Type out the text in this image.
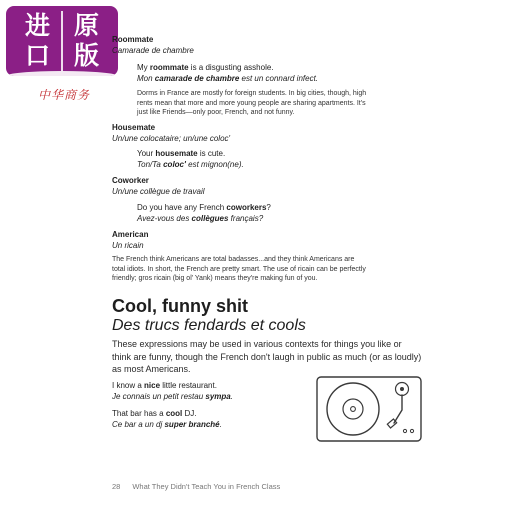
进 原
口 版
中华商务
Roommate
Camarade de chambre
My roommate is a disgusting asshole.
Mon camarade de chambre est un connard infect.
Dorms in France are mostly for foreign students. In big cities, though, high
rents mean that more and more young people are sharing apartments. It's
just like Friends—only poor, French, and not funny.
Housemate
Un/une colocataire; un/une coloc'
Your housemate is cute.
Ton/Ta coloc' est mignon(ne).
Coworker
Un/une collègue de travail
Do you have any French coworkers?
Avez-vous des collègues français?
American
Un ricain
The French think Americans are total badasses...and they think Americans are
total idiots. In short, the French are pretty smart. The use of ricain can be perfectly
friendly; gros ricain (big ol' Yank) means they're making fun of you.
Cool, funny shit
Des trucs fendards et cools
These expressions may be used in various contexts for things you like or think are funny, though the French don't laugh in public as much (or as loudly) as most Americans.
I know a nice little restaurant.
Je connais un petit restau sympa.
That bar has a cool DJ.
Ce bar a un dj super branché.
28 What They Didn't Teach You in French Class
